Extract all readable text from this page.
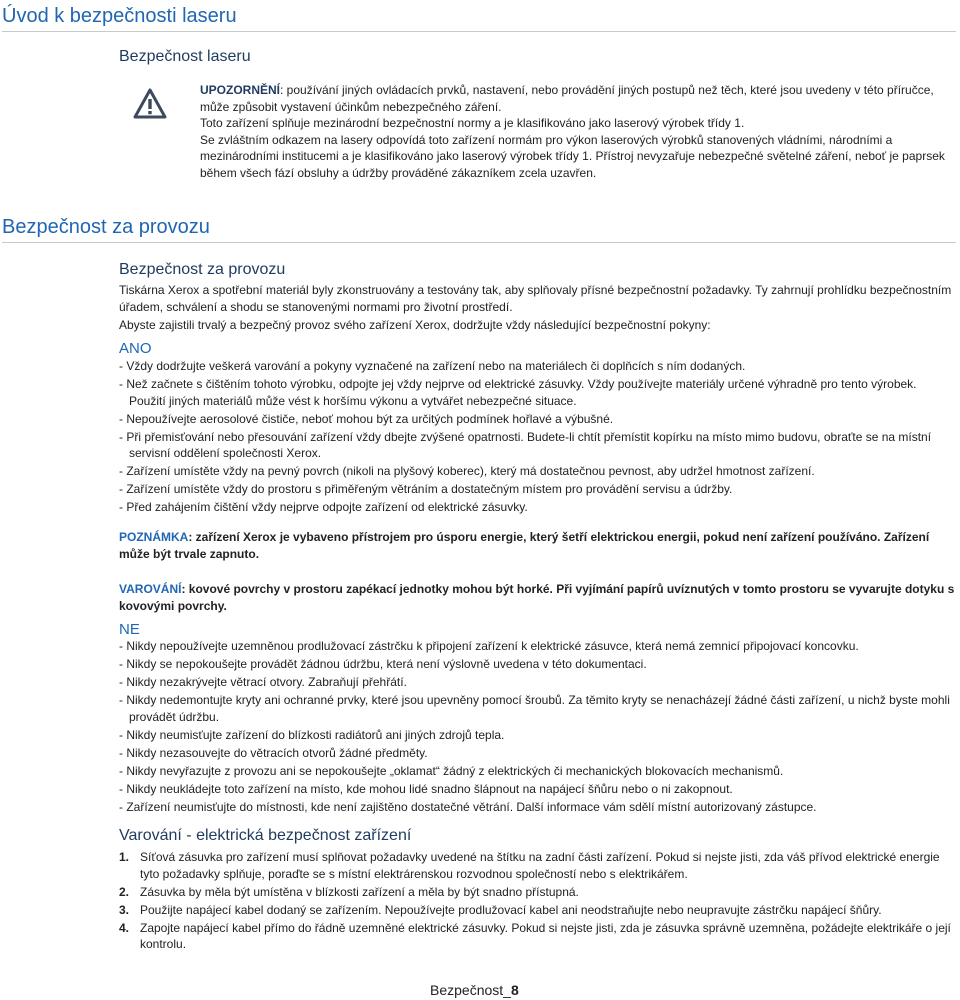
Úvod k bezpečnosti laseru
Bezpečnost laseru

UPOZORNĚNÍ: používání jiných ovládacích prvků, nastavení, nebo provádění jiných postupů než těch, které jsou uvedeny v této příručce, může způsobit vystavení účinkům nebezpečného záření.

Toto zařízení splňuje mezinárodní bezpečnostní normy a je klasifikováno jako laserový výrobek třídy 1.

Se zvláštním odkazem na lasery odpovídá toto zařízení normám pro výkon laserových výrobků stanovených vládními, národními a mezinárodními institucemi a je klasifikováno jako laserový výrobek třídy 1. Přístroj nevyzařuje nebezpečné světelné záření, neboť je paprsek během všech fází obsluhy a údržby prováděné zákazníkem zcela uzavřen.

Bezpečnost za provozu
Bezpečnost za provozu
Tiskárna Xerox a spotřební materiál byly zkonstruovány a testovány tak, aby splňovaly přísné bezpečnostní požadavky. Ty zahrnují prohlídku bezpečnostním úřadem, schválení a shodu se stanovenými normami pro životní prostředí.
Abyste zajistili trvalý a bezpečný provoz svého zařízení Xerox, dodržujte vždy následující bezpečnostní pokyny:
ANO
- Vždy dodržujte veškerá varování a pokyny vyznačené na zařízení nebo na materiálech či doplňcích s ním dodaných.
- Než začnete s čištěním tohoto výrobku, odpojte jej vždy nejprve od elektrické zásuvky. Vždy používejte materiály určené výhradně pro tento výrobek. Použití jiných materiálů může vést k horšímu výkonu a vytvářet nebezpečné situace.
- Nepoužívejte aerosolové čističe, neboť mohou být za určitých podmínek hořlavé a výbušné.
- Při přemisťování nebo přesouvání zařízení vždy dbejte zvýšené opatrnosti. Budete-li chtít přemístit kopírku na místo mimo budovu, obraťte se na místní servisní oddělení společnosti Xerox.
- Zařízení umístěte vždy na pevný povrch (nikoli na plyšový koberec), který má dostatečnou pevnost, aby udržel hmotnost zařízení.
- Zařízení umístěte vždy do prostoru s přiměřeným větráním a dostatečným místem pro provádění servisu a údržby.
- Před zahájením čištění vždy nejprve odpojte zařízení od elektrické zásuvky.
POZNÁMKA: zařízení Xerox je vybaveno přístrojem pro úsporu energie, který šetří elektrickou energii, pokud není zařízení používáno. Zařízení může být trvale zapnuto.
VAROVÁNÍ: kovové povrchy v prostoru zapékací jednotky mohou být horké. Při vyjímání papírů uvíznutých v tomto prostoru se vyvarujte dotyku s kovovými povrchy.
NE
- Nikdy nepoužívejte uzemněnou prodlužovací zástrčku k připojení zařízení k elektrické zásuvce, která nemá zemnicí připojovací koncovku.
- Nikdy se nepokoušejte provádět žádnou údržbu, která není výslovně uvedena v této dokumentaci.
- Nikdy nezakrývejte větrací otvory. Zabraňují přehřátí.
- Nikdy nedemontujte kryty ani ochranné prvky, které jsou upevněny pomocí šroubů. Za těmito kryty se nenacházejí žádné části zařízení, u nichž byste mohli provádět údržbu.
- Nikdy neumisťujte zařízení do blízkosti radiátorů ani jiných zdrojů tepla.
- Nikdy nezasouvejte do větracích otvorů žádné předměty.
- Nikdy nevyřazujte z provozu ani se nepokoušejte „oklamat“ žádný z elektrických či mechanických blokovacích mechanismů.
- Nikdy neukládejte toto zařízení na místo, kde mohou lidé snadno šlápnout na napájecí šňůru nebo o ni zakopnout.
- Zařízení neumisťujte do místnosti, kde není zajištěno dostatečné větrání. Další informace vám sdělí místní autorizovaný zástupce.
Varování - elektrická bezpečnost zařízení
1. Síťová zásuvka pro zařízení musí splňovat požadavky uvedené na štítku na zadní části zařízení. Pokud si nejste jisti, zda váš přívod elektrické energie tyto požadavky splňuje, poraďte se s místní elektrárenskou rozvodnou společností nebo s elektrikářem.
2. Zásuvka by měla být umístěna v blízkosti zařízení a měla by být snadno přístupná.
3. Použijte napájecí kabel dodaný se zařízením. Nepoužívejte prodlužovací kabel ani neodstraňujte nebo neupravujte zástrčku napájecí šňůry.
4. Zapojte napájecí kabel přímo do řádně uzemněné elektrické zásuvky. Pokud si nejste jisti, zda je zásuvka správně uzemněna, požádejte elektrikáře o její kontrolu.
Bezpečnost_8
